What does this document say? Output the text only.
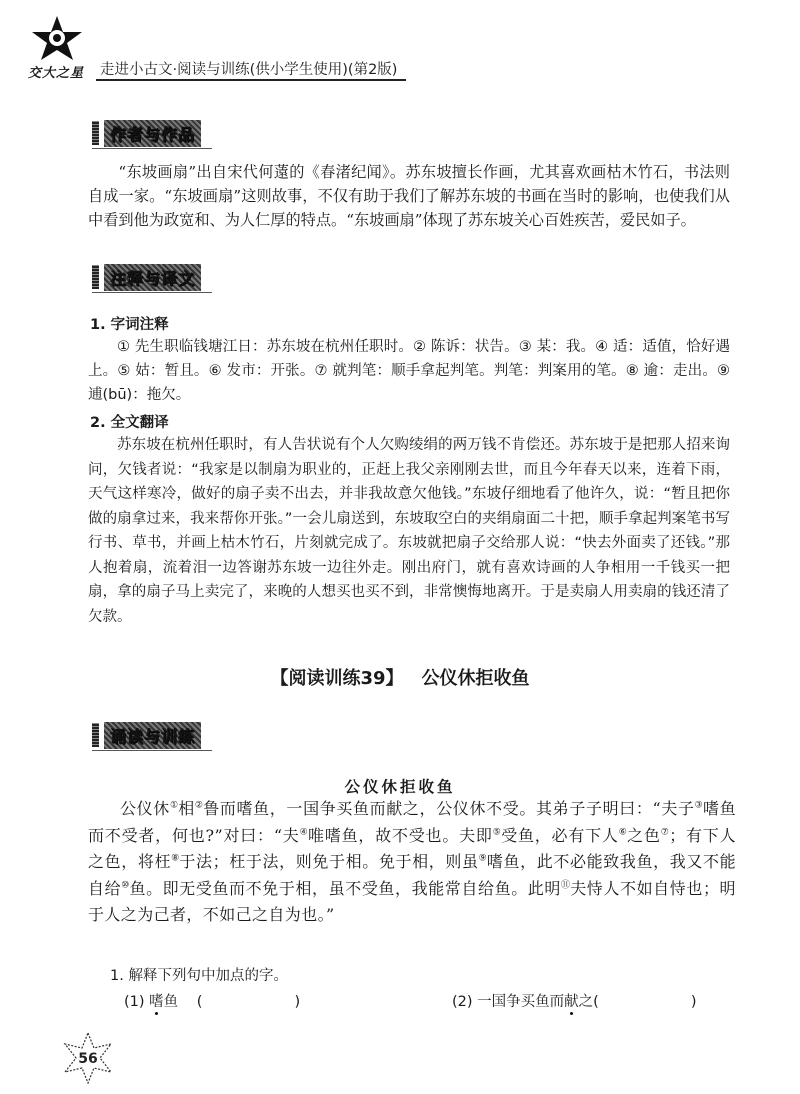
交大之星 走进小古文·阅读与训练(供小学生使用)(第2版)
作者与作品
“东坡画扇”出自宋代何薳的《春渚纪闻》。苏东坡擅长作画，尤其喜欢画枯木竹石，书法则自成一家。“东坡画扇”这则故事，不仅有助于我们了解苏东坡的书画在当时的影响，也使我们从中看到他为政宽和、为人仁厚的特点。“东坡画扇”体现了苏东坡关心百姓疾苦，爱民如子。
注释与译文
1. 字词注释
① 先生职临钱塘江日：苏东坡在杭州任职时。② 陈诉：状告。③ 某：我。④ 适：适值，恰好遇上。⑤ 姑：暂且。⑥ 发市：开张。⑦ 就判笔：顺手拿起判笔。判笔：判案用的笔。⑧ 逾：走出。⑨ 逋(bū)：拖欠。
2. 全文翻译
苏东坡在杭州任职时，有人告状说有个人欠购绫绢的两万钱不肯偿还。苏东坡于是把那人招来询问，欠钱者说：“我家是以制扇为职业的，正赶上我父亲刚刚去世，而且今年春天以来，连着下雨，天气这样寒冷，做好的扇子卖不出去，并非我故意欠他钱。”东坡仔细地看了他许久，说：“暂且把你做的扇拿过来，我来帮你开张。”一会儿扇送到，东坡取空白的夹绢扇面二十把，顺手拿起判案笔书写行书、草书，并画上枯木竹石，片刻就完成了。东坡就把扇子交给那人说：“快去外面卖了还钱。”那人抱着扇，流着泪一边答谢苏东坡一边往外走。刚出府门，就有喜欢诗画的人争相用一千钱买一把扇，拿的扇子马上卖完了，来晚的人想买也买不到，非常懊悔地离开。于是卖扇人用卖扇的钱还清了欠款。
【阅读训练39】 公仪休拒收鱼
诵读与训练
公仪休拒收鱼
公仪休①相②鲁而嗜鱼，一国争买鱼而献之，公仪休不受。其弟子子明曰：“夫子③嗜鱼而不受者，何也?”对曰：“夫④唯嗜鱼，故不受也。夫即⑤受鱼，必有下人⑥之色⑦；有下人之色，将枉⑧于法；枉于法，则免于相。免于相，则虽⑨嗜鱼，此不必能致我鱼，我又不能自给⑩鱼。即无受鱼而不免于相，虽不受鱼，我能常自给鱼。此明⑪夫恃人不如自恃也；明于人之为己者，不如己之自为也。”
1. 解释下列句中加点的字。
(1) 嗜鱼 (	)	(2) 一国争买鱼而献之(	)
56
